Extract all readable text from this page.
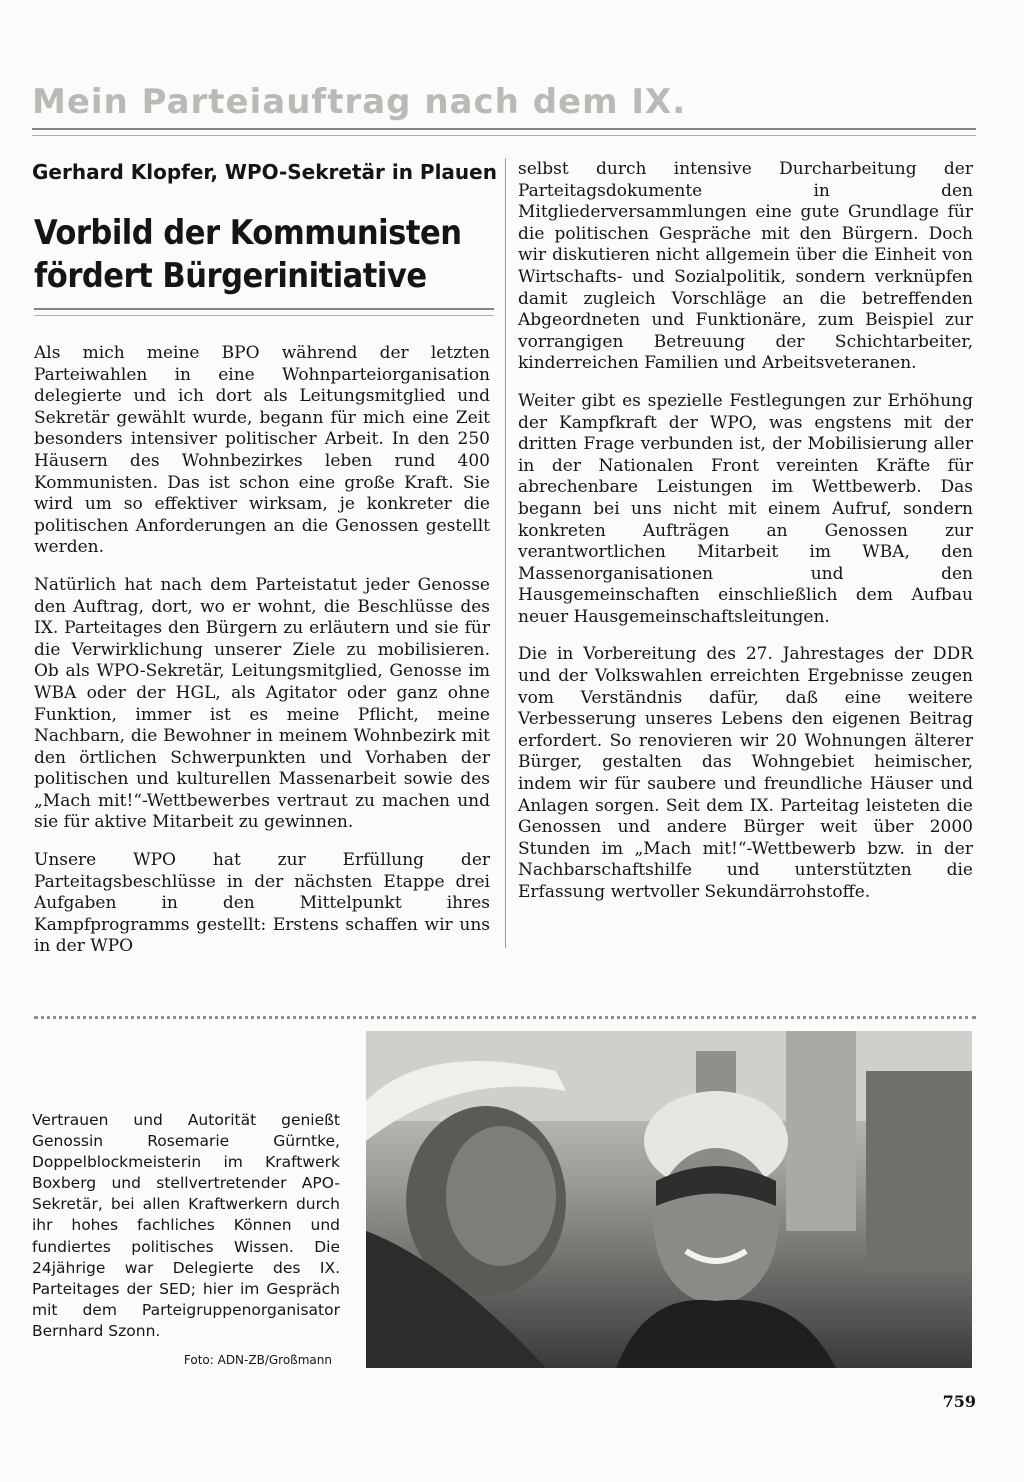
Mein Parteiauftrag nach dem IX.
Gerhard Klopfer, WPO-Sekretär in Plauen
Vorbild der Kommunisten
fördert Bürgerinitiative

Als mich meine BPO während der letzten Parteiwahlen in eine Wohnparteiorganisation delegierte und ich dort als Leitungsmitglied und Sekretär gewählt wurde, begann für mich eine Zeit besonders intensiver politischer Arbeit. In den 250 Häusern des Wohnbezirkes leben rund 400 Kommunisten. Das ist schon eine große Kraft. Sie wird um so effektiver wirksam, je konkreter die politischen Anforderungen an die Genossen gestellt werden.

Natürlich hat nach dem Parteistatut jeder Genosse den Auftrag, dort, wo er wohnt, die Beschlüsse des IX. Parteitages den Bürgern zu erläutern und sie für die Verwirklichung unserer Ziele zu mobilisieren. Ob als WPO-Sekretär, Leitungsmitglied, Genosse im WBA oder der HGL, als Agitator oder ganz ohne Funktion, immer ist es meine Pflicht, meine Nachbarn, die Bewohner in meinem Wohnbezirk mit den örtlichen Schwerpunkten und Vorhaben der politischen und kulturellen Massenarbeit sowie des „Mach mit!“-Wettbewerbes vertraut zu machen und sie für aktive Mitarbeit zu gewinnen.

Unsere WPO hat zur Erfüllung der Parteitagsbeschlüsse in der nächsten Etappe drei Aufgaben in den Mittelpunkt ihres Kampfprogramms gestellt: Erstens schaffen wir uns in der WPO

selbst durch intensive Durcharbeitung der Parteitagsdokumente in den Mitgliederversammlungen eine gute Grundlage für die politischen Gespräche mit den Bürgern. Doch wir diskutieren nicht allgemein über die Einheit von Wirtschafts- und Sozialpolitik, sondern verknüpfen damit zugleich Vorschläge an die betreffenden Abgeordneten und Funktionäre, zum Beispiel zur vorrangigen Betreuung der Schichtarbeiter, kinderreichen Familien und Arbeitsveteranen.

Weiter gibt es spezielle Festlegungen zur Erhöhung der Kampfkraft der WPO, was engstens mit der dritten Frage verbunden ist, der Mobilisierung aller in der Nationalen Front vereinten Kräfte für abrechenbare Leistungen im Wettbewerb. Das begann bei uns nicht mit einem Aufruf, sondern konkreten Aufträgen an Genossen zur verantwortlichen Mitarbeit im WBA, den Massenorganisationen und den Hausgemeinschaften einschließlich dem Aufbau neuer Hausgemeinschaftsleitungen.

Die in Vorbereitung des 27. Jahrestages der DDR und der Volkswahlen erreichten Ergebnisse zeugen vom Verständnis dafür, daß eine weitere Verbesserung unseres Lebens den eigenen Beitrag erfordert. So renovieren wir 20 Wohnungen älterer Bürger, gestalten das Wohngebiet heimischer, indem wir für saubere und freundliche Häuser und Anlagen sorgen. Seit dem IX. Parteitag leisteten die Genossen und andere Bürger weit über 2000 Stunden im „Mach mit!“-Wettbewerb bzw. in der Nachbarschaftshilfe und unterstützten die Erfassung wertvoller Sekundärrohstoffe.

Vertrauen und Autorität genießt Genossin Rosemarie Gürntke, Doppelblockmeisterin im Kraftwerk Boxberg und stellvertretender APO-Sekretär, bei allen Kraftwerkern durch ihr hohes fachliches Können und fundiertes politisches Wissen. Die 24jährige war Delegierte des IX. Parteitages der SED; hier im Gespräch mit dem Parteigruppenorganisator Bernhard Szonn.
Foto: ADN-ZB/Großmann
759
